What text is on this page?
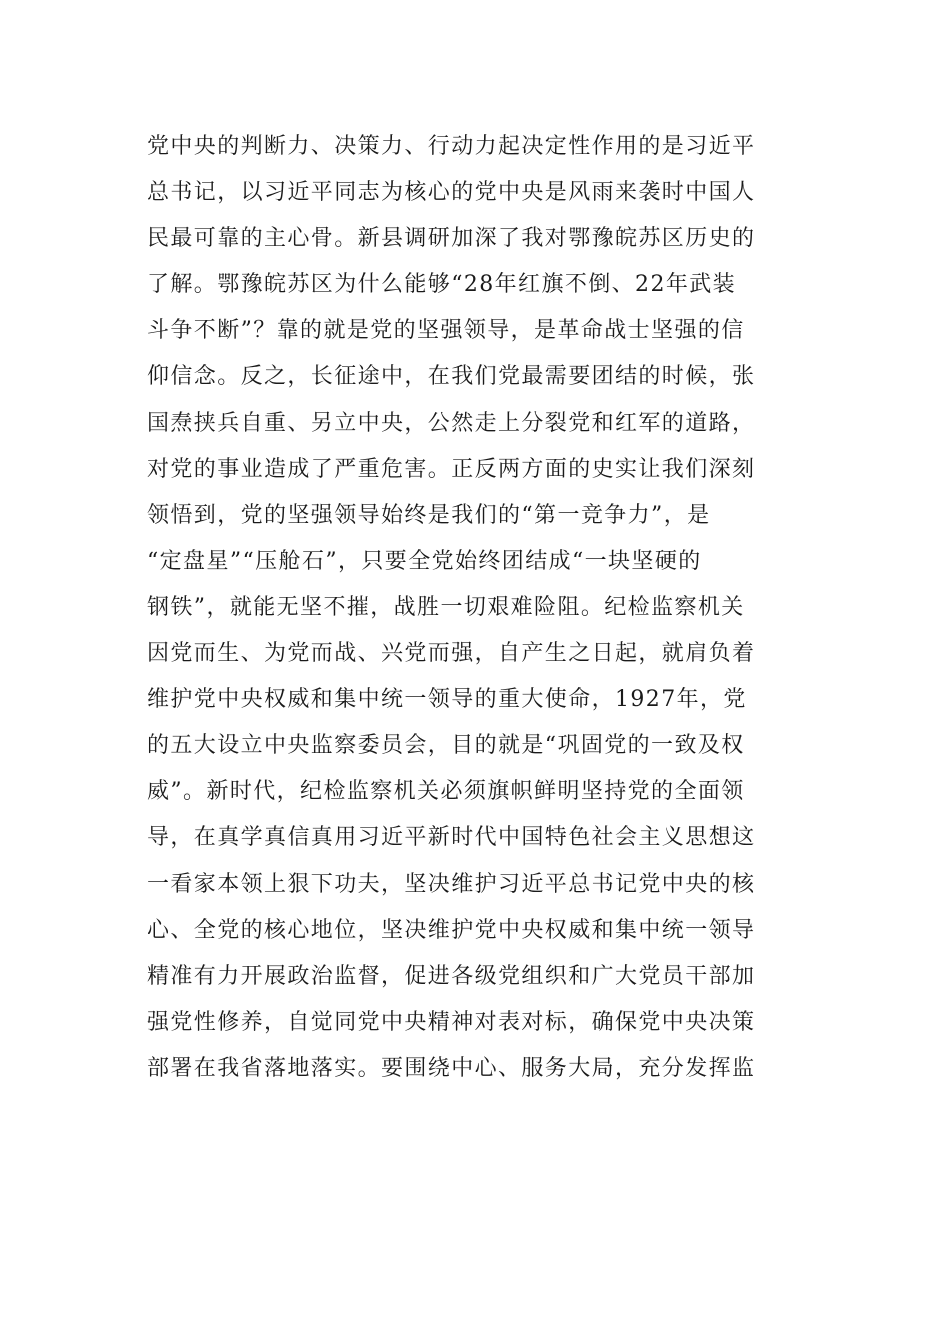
党中央的判断力、决策力、行动力起决定性作用的是习近平
总书记，以习近平同志为核心的党中央是风雨来袭时中国人
民最可靠的主心骨。新县调研加深了我对鄂豫皖苏区历史的
了解。鄂豫皖苏区为什么能够“28年红旗不倒、22年武装
斗争不断”？靠的就是党的坚强领导，是革命战士坚强的信
仰信念。反之，长征途中，在我们党最需要团结的时候，张
国焘挟兵自重、另立中央，公然走上分裂党和红军的道路，
对党的事业造成了严重危害。正反两方面的史实让我们深刻
领悟到，党的坚强领导始终是我们的“第一竞争力”，是
“定盘星”“压舱石”，只要全党始终团结成“一块坚硬的
钢铁”，就能无坚不摧，战胜一切艰难险阻。纪检监察机关
因党而生、为党而战、兴党而强，自产生之日起，就肩负着
维护党中央权威和集中统一领导的重大使命，1927年，党
的五大设立中央监察委员会，目的就是“巩固党的一致及权
威”。新时代，纪检监察机关必须旗帜鲜明坚持党的全面领
导，在真学真信真用习近平新时代中国特色社会主义思想这
一看家本领上狠下功夫，坚决维护习近平总书记党中央的核
心、全党的核心地位，坚决维护党中央权威和集中统一领导
精准有力开展政治监督，促进各级党组织和广大党员干部加
强党性修养，自觉同党中央精神对表对标，确保党中央决策
部署在我省落地落实。要围绕中心、服务大局，充分发挥监
